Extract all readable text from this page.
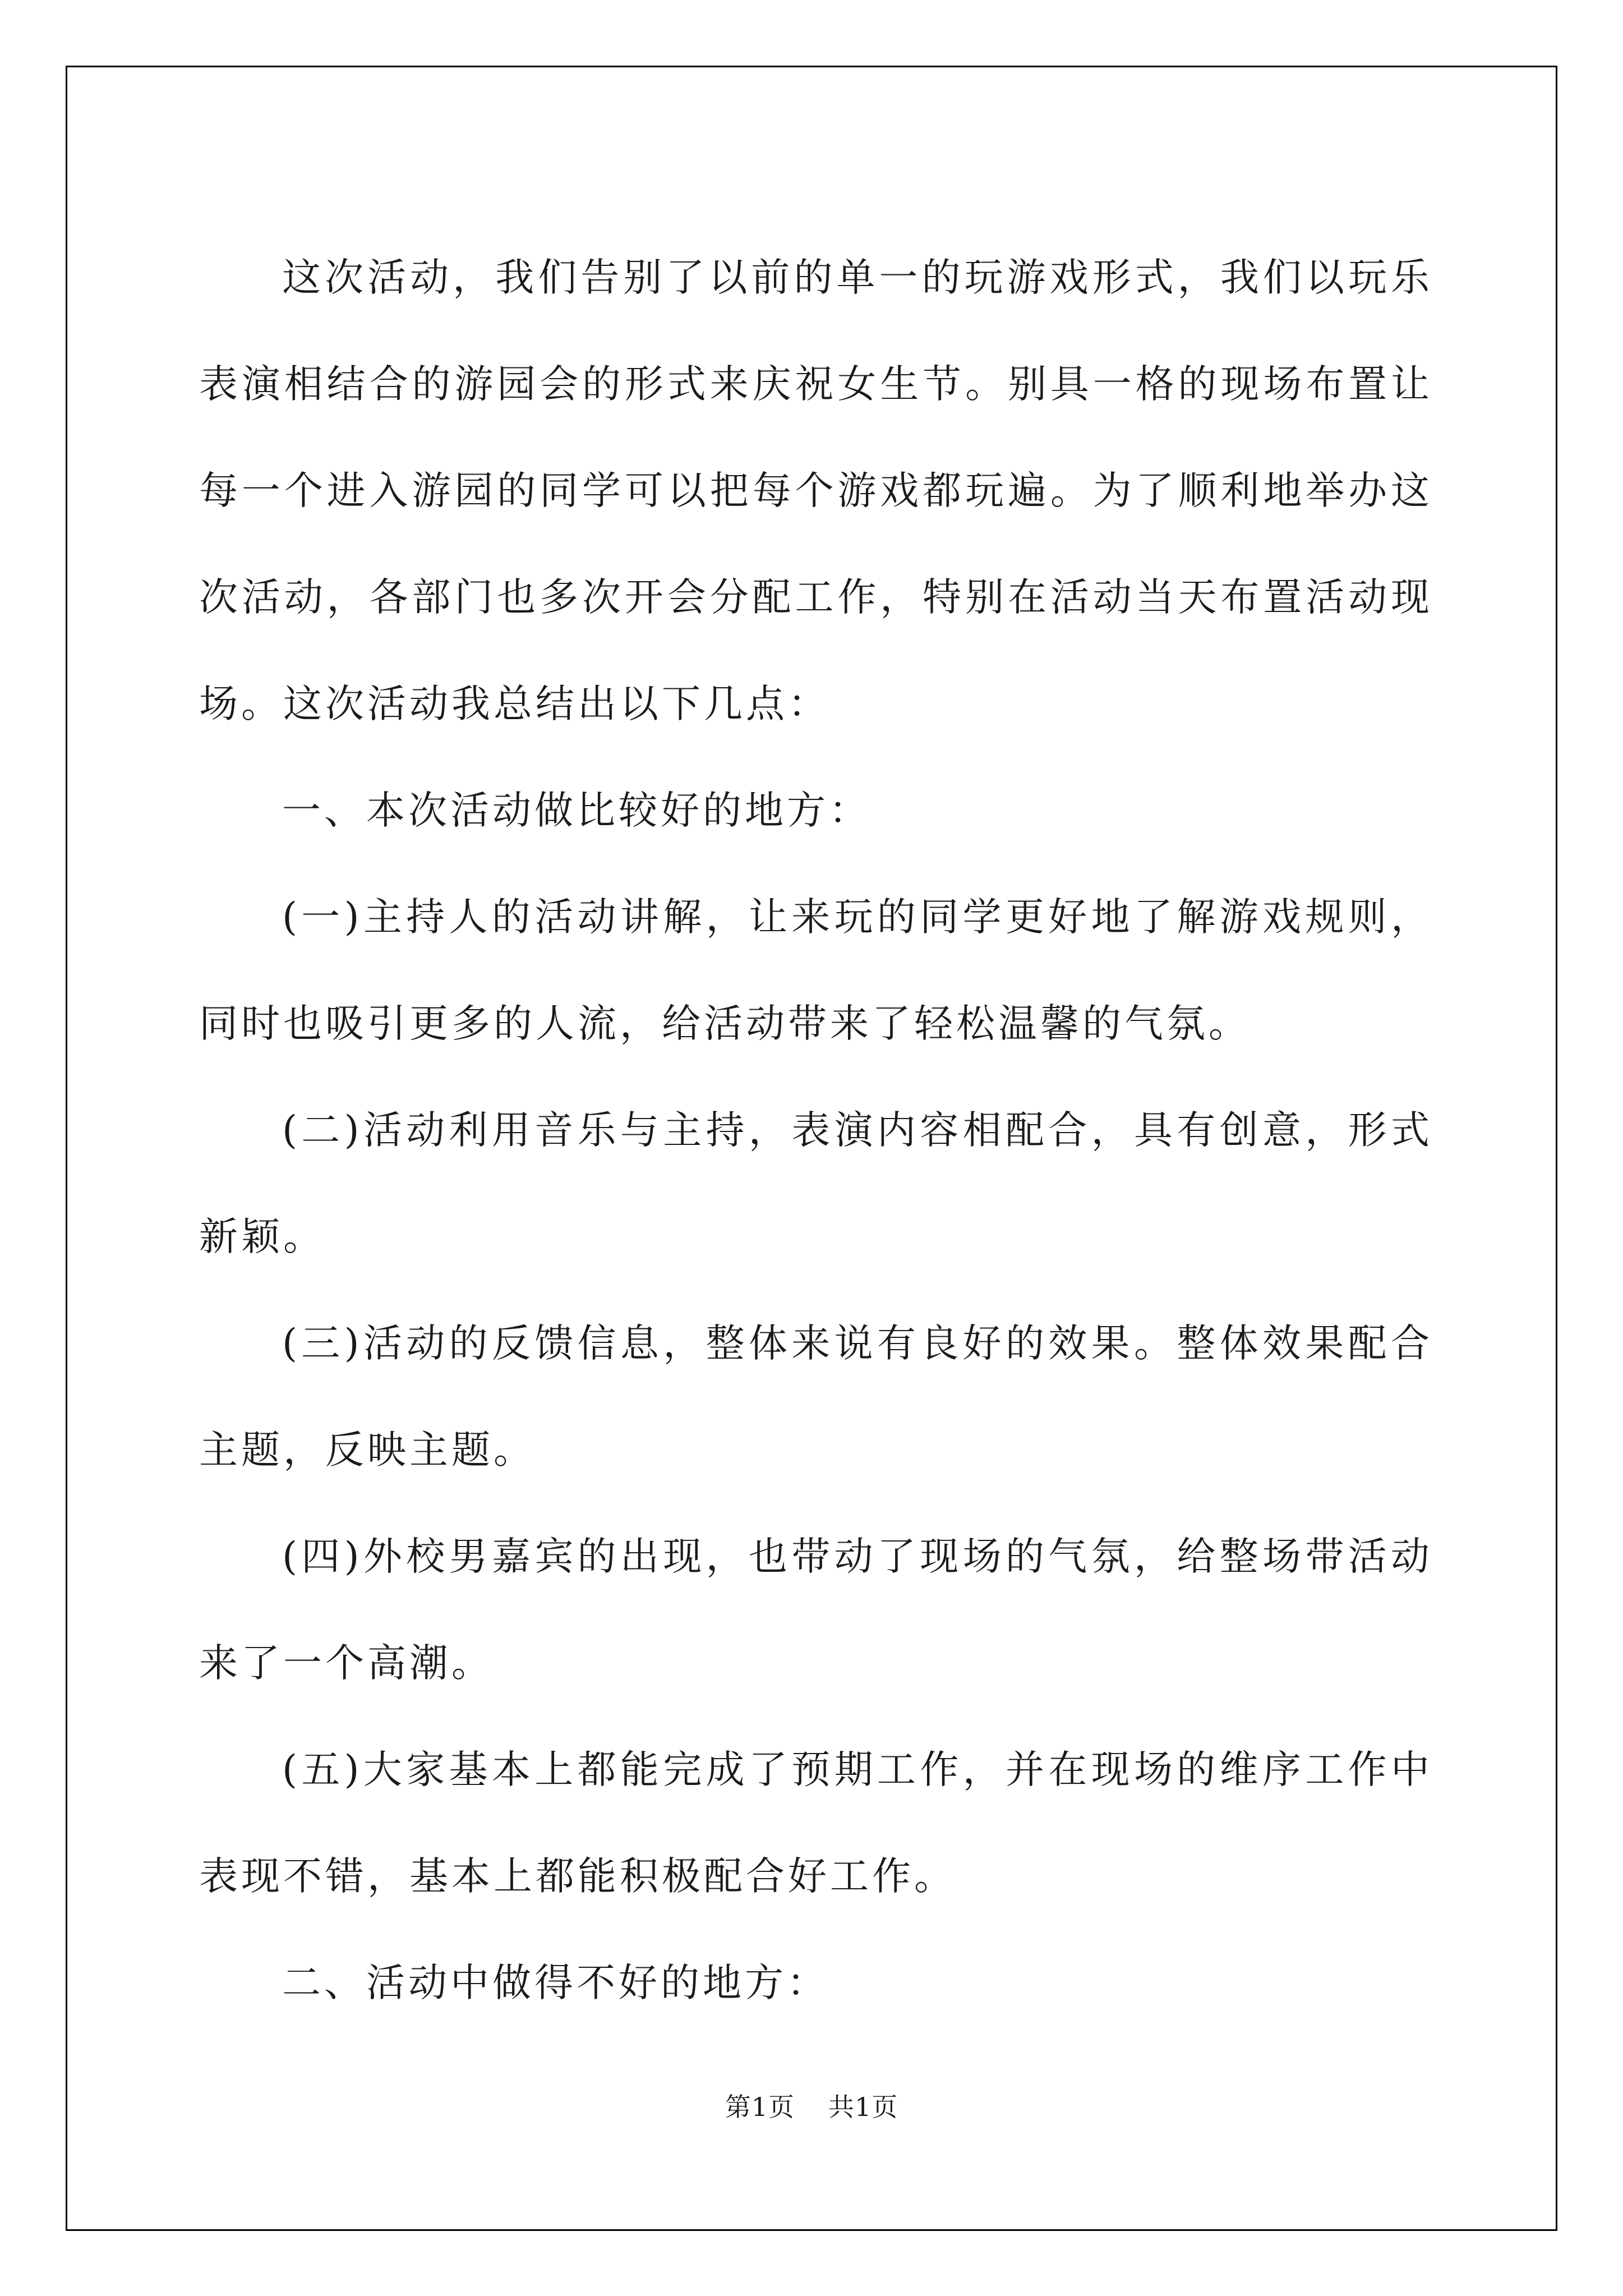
这次活动，我们告别了以前的单一的玩游戏形式，我们以玩乐表演相结合的游园会的形式来庆祝女生节。别具一格的现场布置让每一个进入游园的同学可以把每个游戏都玩遍。为了顺利地举办这次活动，各部门也多次开会分配工作，特别在活动当天布置活动现场。这次活动我总结出以下几点：

一、本次活动做比较好的地方：

(一)主持人的活动讲解，让来玩的同学更好地了解游戏规则，同时也吸引更多的人流，给活动带来了轻松温馨的气氛。

(二)活动利用音乐与主持，表演内容相配合，具有创意，形式新颖。

(三)活动的反馈信息，整体来说有良好的效果。整体效果配合主题，反映主题。

(四)外校男嘉宾的出现，也带动了现场的气氛，给整场带活动来了一个高潮。

(五)大家基本上都能完成了预期工作，并在现场的维序工作中表现不错，基本上都能积极配合好工作。

二、活动中做得不好的地方：

第1页 共1页
